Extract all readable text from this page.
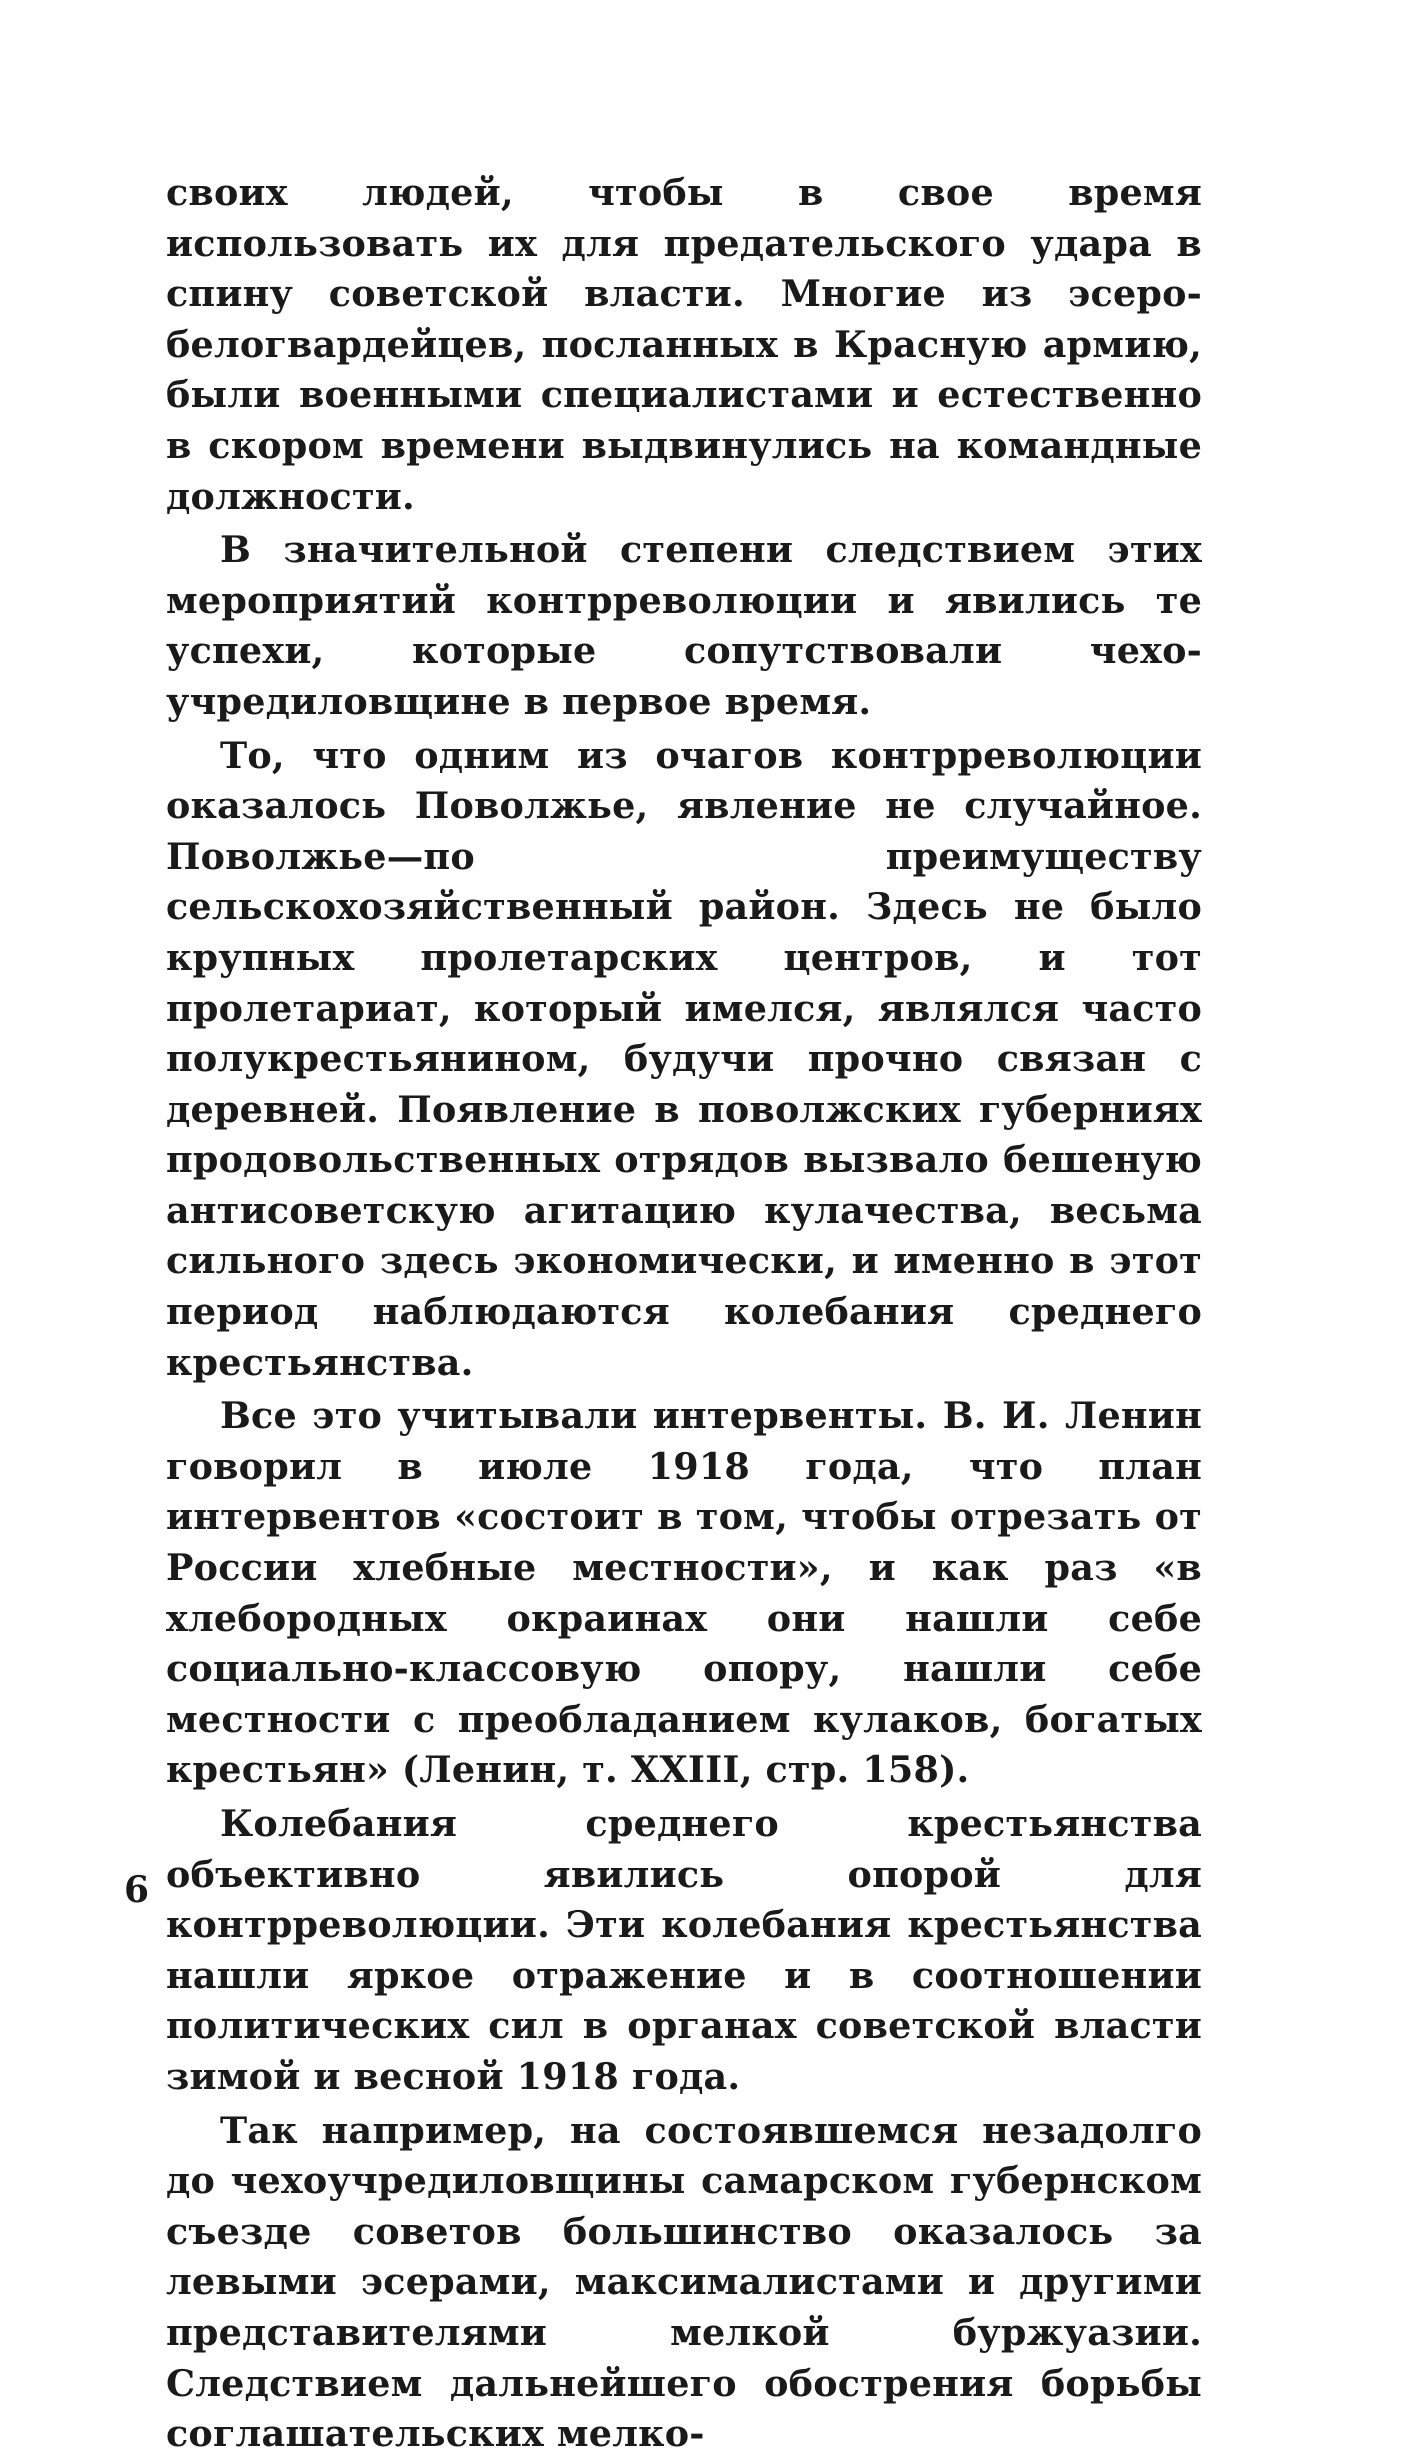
своих людей, чтобы в свое время использовать их для предательского удара в спину советской власти. Многие из эсеро-белогвардейцев, посланных в Красную армию, были военными специалистами и естественно в скором времени выдвинулись на командные должности.

В значительной степени следствием этих мероприятий контрреволюции и явились те успехи, которые сопутствовали чехо-учредиловщине в первое время.

То, что одним из очагов контрреволюции оказалось Поволжье, явление не случайное. Поволжье—по преимуществу сельскохозяйственный район. Здесь не было крупных пролетарских центров, и тот пролетариат, который имелся, являлся часто полукрестьянином, будучи прочно связан с деревней. Появление в поволжских губерниях продовольственных отрядов вызвало бешеную антисоветскую агитацию кулачества, весьма сильного здесь экономически, и именно в этот период наблюдаются колебания среднего крестьянства.

Все это учитывали интервенты. В. И. Ленин говорил в июле 1918 года, что план интервентов «состоит в том, чтобы отрезать от России хлебные местности», и как раз «в хлебородных окраинах они нашли себе социально-классовую опору, нашли себе местности с преобладанием кулаков, богатых крестьян» (Ленин, т. XXIII, стр. 158).

Колебания среднего крестьянства объективно явились опорой для контрреволюции. Эти колебания крестьянства нашли яркое отражение и в соотношении политических сил в органах советской власти зимой и весной 1918 года.

Так например, на состоявшемся незадолго до чехоучредиловщины самарском губернском съезде советов большинство оказалось за левыми эсерами, максималистами и другими представителями мелкой буржуазии. Следствием дальнейшего обострения борьбы соглашательских мелко-

6
